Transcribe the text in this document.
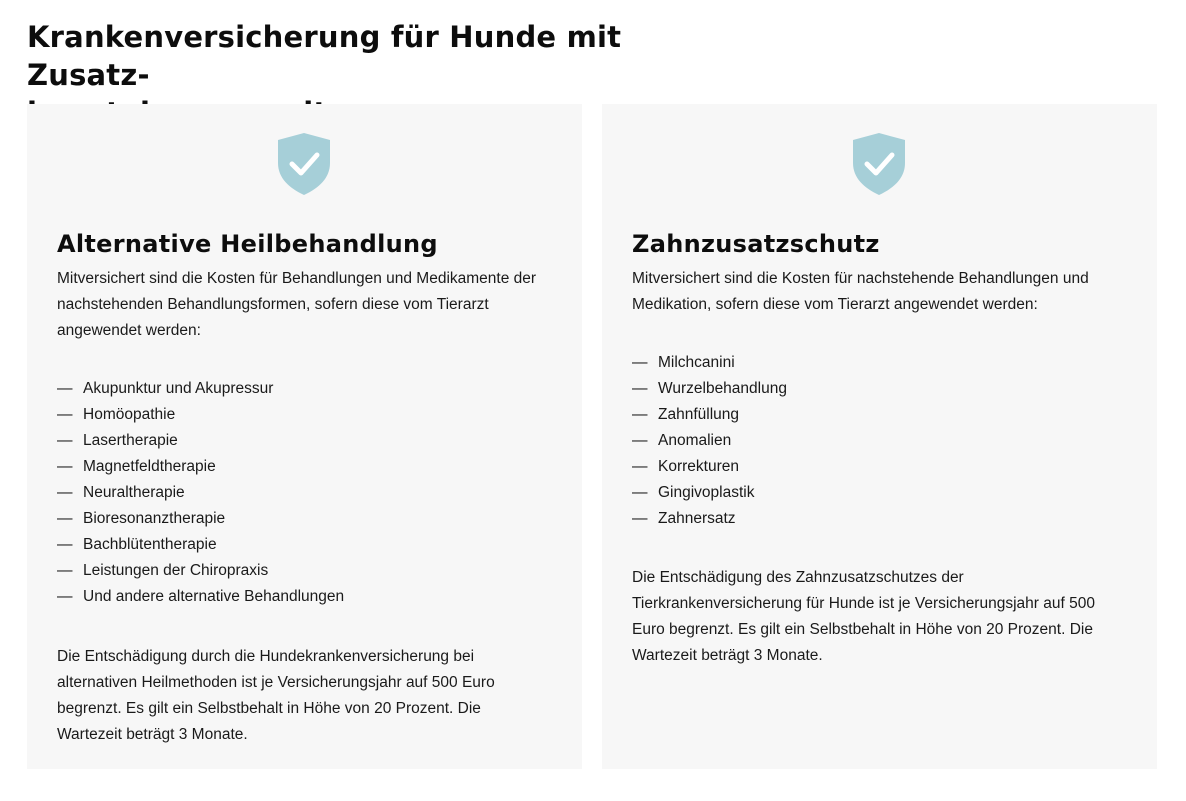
Krankenversicherung für Hunde mit Zusatz-

Alternative Heilbehandlung

Mitversichert sind die Kosten für Behandlungen und Medikamente der nachstehenden Behandlungsformen, sofern diese vom Tierarzt angewendet werden:

— Akupunktur und Akupressur
— Homöopathie
— Lasertherapie
— Magnetfeldtherapie
— Neuraltherapie
— Bioresonanztherapie
— Bachblütentherapie
— Leistungen der Chiropraxis
— Und andere alternative Behandlungen

Die Entschädigung durch die Hundekrankenversicherung bei alternativen Heilmethoden ist je Versicherungsjahr auf 500 Euro begrenzt. Es gilt ein Selbstbehalt in Höhe von 20 Prozent. Die Wartezeit beträgt 3 Monate.

Zahnzusatzschutz

Mitversichert sind die Kosten für nachstehende Behandlungen und Medikation, sofern diese vom Tierarzt angewendet werden:

— Milchcanini
— Wurzelbehandlung
— Zahnfüllung
— Anomalien
— Korrekturen
— Gingivoplastik
— Zahnersatz

Die Entschädigung des Zahnzusatzschutzes der Tierkrankenversicherung für Hunde ist je Versicherungsjahr auf 500 Euro begrenzt. Es gilt ein Selbstbehalt in Höhe von 20 Prozent. Die Wartezeit beträgt 3 Monate.
